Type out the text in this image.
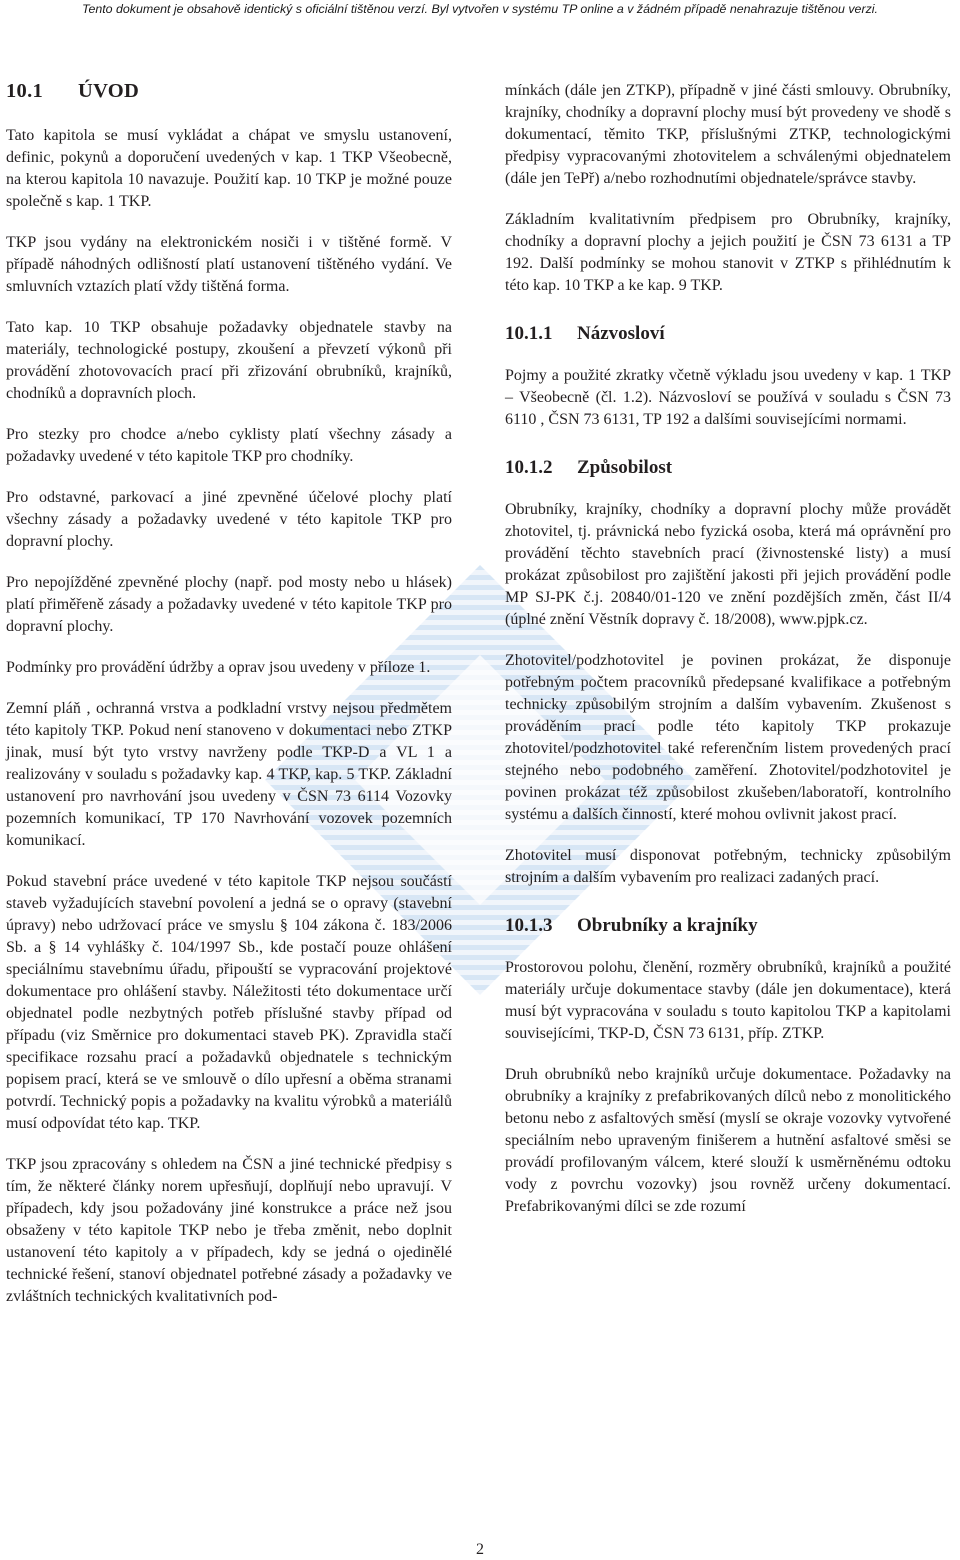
Tento dokument je obsahově identický s oficiální tištěnou verzí. Byl vytvořen v systému TP online a v žádném případě nenahrazuje tištěnou verzi.
10.1 ÚVOD

Tato kapitola se musí vykládat a chápat ve smyslu ustanovení, definic, pokynů a doporučení uvedených v kap. 1 TKP Všeobecně, na kterou kapitola 10 navazuje. Použití kap. 10 TKP je možné pouze společně s kap. 1 TKP.

TKP jsou vydány na elektronickém nosiči i v tištěné formě. V případě náhodných odlišností platí ustanovení tištěného vydání. Ve smluvních vztazích platí vždy tištěná forma.

Tato kap. 10 TKP obsahuje požadavky objednatele stavby na materiály, technologické postupy, zkoušení a převzetí výkonů při provádění zhotovovacích prací při zřizování obrubníků, krajníků, chodníků a dopravních ploch.

Pro stezky pro chodce a/nebo cyklisty platí všechny zásady a požadavky uvedené v této kapitole TKP pro chodníky.

Pro odstavné, parkovací a jiné zpevněné účelové plochy platí všechny zásady a požadavky uvedené v této kapitole TKP pro dopravní plochy.

Pro nepojížděné zpevněné plochy (např. pod mosty nebo u hlásek) platí přiměřeně zásady a požadavky uvedené v této kapitole TKP pro dopravní plochy.

Podmínky pro provádění údržby a oprav jsou uvedeny v příloze 1.

Zemní pláň , ochranná vrstva a podkladní vrstvy nejsou předmětem této kapitoly TKP. Pokud není stanoveno v dokumentaci nebo ZTKP jinak, musí být tyto vrstvy navrženy podle TKP-D a VL 1 a realizovány v souladu s požadavky kap. 4 TKP, kap. 5 TKP. Základní ustanovení pro navrhování jsou uvedeny v ČSN 73 6114 Vozovky pozemních komunikací, TP 170 Navrhování vozovek pozemních komunikací.

Pokud stavební práce uvedené v této kapitole TKP nejsou součástí staveb vyžadujících stavební povolení a jedná se o opravy (stavební úpravy) nebo udržovací práce ve smyslu § 104 zákona č. 183/2006 Sb. a § 14 vyhlášky č. 104/1997 Sb., kde postačí pouze ohlášení speciálnímu stavebnímu úřadu, připouští se vypracování projektové dokumentace pro ohlášení stavby. Náležitosti této dokumentace určí objednatel podle nezbytných potřeb příslušné stavby případ od případu (viz Směrnice pro dokumentaci staveb PK). Zpravidla stačí specifikace rozsahu prací a požadavků objednatele s technickým popisem prací, která se ve smlouvě o dílo upřesní a oběma stranami potvrdí. Technický popis a požadavky na kvalitu výrobků a materiálů musí odpovídat této kap. TKP.

TKP jsou zpracovány s ohledem na ČSN a jiné technické předpisy s tím, že některé články norem upřesňují, doplňují nebo upravují. V případech, kdy jsou požadovány jiné konstrukce a práce než jsou obsaženy v této kapitole TKP nebo je třeba změnit, nebo doplnit ustanovení této kapitoly a v případech, kdy se jedná o ojedinělé technické řešení, stanoví objednatel potřebné zásady a požadavky ve zvláštních technických kvalitativních pod-

mínkách (dále jen ZTKP), případně v jiné části smlouvy. Obrubníky, krajníky, chodníky a dopravní plochy musí být provedeny ve shodě s dokumentací, těmito TKP, příslušnými ZTKP, technologickými předpisy vypracovanými zhotovitelem a schválenými objednatelem (dále jen TePř) a/nebo rozhodnutími objednatele/správce stavby.

Základním kvalitativním předpisem pro Obrubníky, krajníky, chodníky a dopravní plochy a jejich použití je ČSN 73 6131 a TP 192. Další podmínky se mohou stanovit v ZTKP s přihlédnutím k této kap. 10 TKP a ke kap. 9 TKP.

10.1.1 Názvosloví

Pojmy a použité zkratky včetně výkladu jsou uvedeny v kap. 1 TKP – Všeobecně (čl. 1.2). Názvosloví se používá v souladu s ČSN 73 6110 , ČSN 73 6131, TP 192 a dalšími souvisejícími normami.

10.1.2 Způsobilost

Obrubníky, krajníky, chodníky a dopravní plochy může provádět zhotovitel, tj. právnická nebo fyzická osoba, která má oprávnění pro provádění těchto stavebních prací (živnostenské listy) a musí prokázat způsobilost pro zajištění jakosti při jejich provádění podle MP SJ-PK č.j. 20840/01-120 ve znění pozdějších změn, část II/4 (úplné znění Věstník dopravy č. 18/2008), www.pjpk.cz.

Zhotovitel/podzhotovitel je povinen prokázat, že disponuje potřebným počtem pracovníků předepsané kvalifikace a potřebným technicky způsobilým strojním a dalším vybavením. Zkušenost s prováděním prací podle této kapitoly TKP prokazuje zhotovitel/podzhotovitel také referenčním listem provedených prací stejného nebo podobného zaměření. Zhotovitel/podzhotovitel je povinen prokázat též způsobilost zkušeben/laboratoří, kontrolního systému a dalších činností, které mohou ovlivnit jakost prací.

Zhotovitel musí disponovat potřebným, technicky způsobilým strojním a dalším vybavením pro realizaci zadaných prací.

10.1.3 Obrubníky a krajníky

Prostorovou polohu, členění, rozměry obrubníků, krajníků a použité materiály určuje dokumentace stavby (dále jen dokumentace), která musí být vypracována v souladu s touto kapitolou TKP a kapitolami souvisejícími, TKP-D, ČSN 73 6131, příp. ZTKP.

Druh obrubníků nebo krajníků určuje dokumentace. Požadavky na obrubníky a krajníky z prefabrikovaných dílců nebo z monolitického betonu nebo z asfaltových směsí (myslí se okraje vozovky vytvořené speciálním nebo upraveným finišerem a hutnění asfaltové směsi se provádí profilovaným válcem, které slouží k usměrněnému odtoku vody z povrchu vozovky) jsou rovněž určeny dokumentací. Prefabrikovanými dílci se zde rozumí

2
